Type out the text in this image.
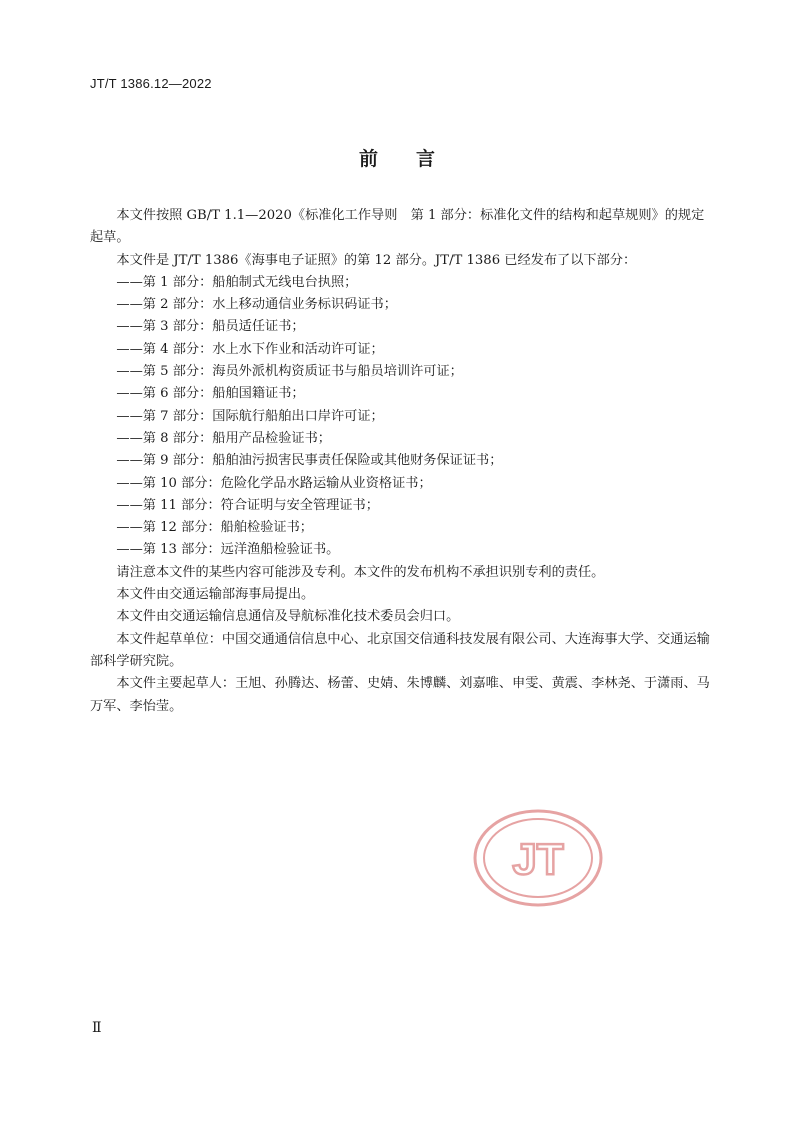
JT/T 1386.12—2022
前言

本文件按照 GB/T 1.1—2020《标准化工作导则　第 1 部分：标准化文件的结构和起草规则》的规定起草。

本文件是 JT/T 1386《海事电子证照》的第 12 部分。JT/T 1386 已经发布了以下部分：

——第 1 部分：船舶制式无线电台执照；
——第 2 部分：水上移动通信业务标识码证书；
——第 3 部分：船员适任证书；
——第 4 部分：水上水下作业和活动许可证；
——第 5 部分：海员外派机构资质证书与船员培训许可证；
——第 6 部分：船舶国籍证书；
——第 7 部分：国际航行船舶出口岸许可证；
——第 8 部分：船用产品检验证书；
——第 9 部分：船舶油污损害民事责任保险或其他财务保证证书；
——第 10 部分：危险化学品水路运输从业资格证书；
——第 11 部分：符合证明与安全管理证书；
——第 12 部分：船舶检验证书；
——第 13 部分：远洋渔船检验证书。

请注意本文件的某些内容可能涉及专利。本文件的发布机构不承担识别专利的责任。

本文件由交通运输部海事局提出。

本文件由交通运输信息通信及导航标准化技术委员会归口。

本文件起草单位：中国交通通信信息中心、北京国交信通科技发展有限公司、大连海事大学、交通运输部科学研究院。

本文件主要起草人：王旭、孙腾达、杨蕾、史婧、朱博麟、刘嘉唯、申雯、黄震、李林尧、于潇雨、马万军、李怡莹。

JT
Ⅱ
